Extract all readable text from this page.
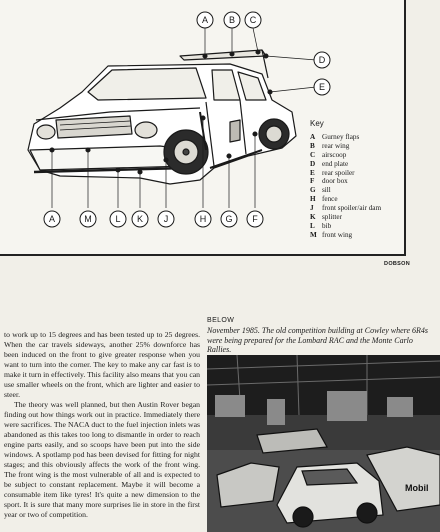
A B C
D
E
A	M	L K J	H G F
Key
A Gurney flaps
B	rear wing
C airscoop
D end plate
E	rear spoiler
F	door box
G sill
H fence
J	front spoiler/air dam
K splitter
L	bib
M front wing
DOBSON
BELOW
November 1985. The old competition building at Cowley where 6R4s were being prepared for the Lombard RAC and the Monte Carlo Rallies.

to work up to 15 degrees and has been tested up to 25 degrees. When the car travels sideways, another 25% downforce has been induced on the front to give greater response when you want to turn into the corner. The key to make any car fast is to make it turn in effectively. This facility also means that you can use smaller wheels on the front, which are lighter and easier to steer.

The theory was well planned, but then Austin Rover began finding out how things work out in practice. Immediately there were sacrifices. The NACA duct to the fuel injection inlets was abandoned as this takes too long to dismantle in order to reach engine parts easily, and so scoops have been put into the side windows. A spotlamp pod has been devised for fitting for night stages; and this obviously affects the work of the front wing. The front wing is the most vulnerable of all and is expected to be subject to constant replacement. Maybe it will become a consumable item like tyres! It's quite a new dimension to the sport. It is sure that many more surprises lie in store in the first year or two of competition.

Mobil
